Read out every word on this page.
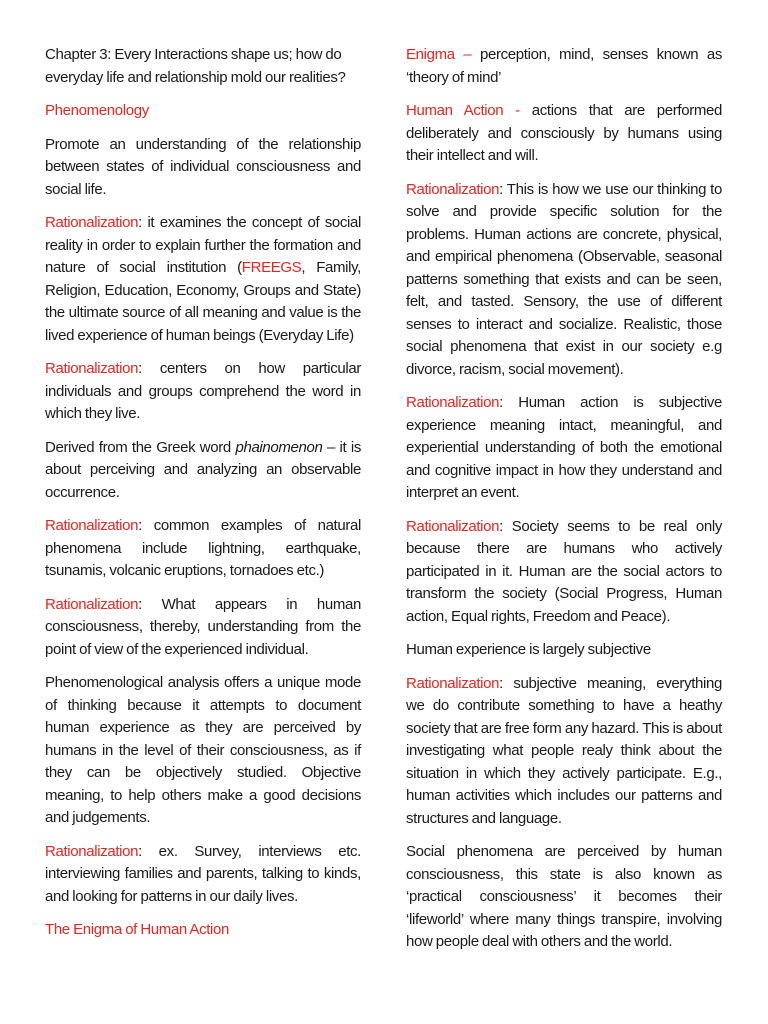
Chapter 3: Every Interactions shape us; how do everyday life and relationship mold our realities?

Phenomenology

Promote an understanding of the relationship between states of individual consciousness and social life.

Rationalization: it examines the concept of social reality in order to explain further the formation and nature of social institution (FREEGS, Family, Religion, Education, Economy, Groups and State) the ultimate source of all meaning and value is the lived experience of human beings (Everyday Life)

Rationalization: centers on how particular individuals and groups comprehend the word in which they live.

Derived from the Greek word phainomenon – it is about perceiving and analyzing an observable occurrence.

Rationalization: common examples of natural phenomena include lightning, earthquake, tsunamis, volcanic eruptions, tornadoes etc.)

Rationalization: What appears in human consciousness, thereby, understanding from the point of view of the experienced individual.

Phenomenological analysis offers a unique mode of thinking because it attempts to document human experience as they are perceived by humans in the level of their consciousness, as if they can be objectively studied. Objective meaning, to help others make a good decisions and judgements.

Rationalization: ex. Survey, interviews etc. interviewing families and parents, talking to kinds, and looking for patterns in our daily lives.

The Enigma of Human Action

Enigma – perception, mind, senses known as ‘theory of mind’

Human Action - actions that are performed deliberately and consciously by humans using their intellect and will.

Rationalization: This is how we use our thinking to solve and provide specific solution for the problems. Human actions are concrete, physical, and empirical phenomena (Observable, seasonal patterns something that exists and can be seen, felt, and tasted. Sensory, the use of different senses to interact and socialize. Realistic, those social phenomena that exist in our society e.g divorce, racism, social movement).

Rationalization: Human action is subjective experience meaning intact, meaningful, and experiential understanding of both the emotional and cognitive impact in how they understand and interpret an event.

Rationalization: Society seems to be real only because there are humans who actively participated in it. Human are the social actors to transform the society (Social Progress, Human action, Equal rights, Freedom and Peace).

Human experience is largely subjective

Rationalization: subjective meaning, everything we do contribute something to have a heathy society that are free form any hazard. This is about investigating what people realy think about the situation in which they actively participate. E.g., human activities which includes our patterns and structures and language.

Social phenomena are perceived by human consciousness, this state is also known as ‘practical consciousness’ it becomes their ‘lifeworld’ where many things transpire, involving how people deal with others and the world.
